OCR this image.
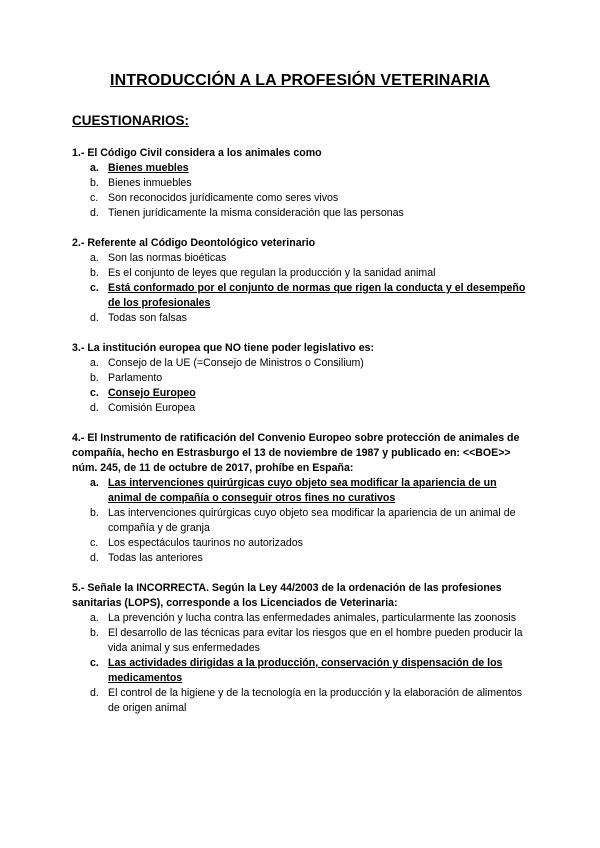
INTRODUCCIÓN A LA PROFESIÓN VETERINARIA
CUESTIONARIOS:
1.- El Código Civil considera a los animales como
a. Bienes muebles
b. Bienes inmuebles
c. Son reconocidos jurídicamente como seres vivos
d. Tienen jurídicamente la misma consideración que las personas
2.- Referente al Código Deontológico veterinario
a. Son las normas bioéticas
b. Es el conjunto de leyes que regulan la producción y la sanidad animal
c. Está conformado por el conjunto de normas que rigen la conducta y el desempeño de los profesionales
d. Todas son falsas
3.- La institución europea que NO tiene poder legislativo es:
a. Consejo de la UE (=Consejo de Ministros o Consilium)
b. Parlamento
c. Consejo Europeo
d. Comisión Europea
4.- El Instrumento de ratificación del Convenio Europeo sobre protección de animales de compañía, hecho en Estrasburgo el 13 de noviembre de 1987 y publicado en: <<BOE>> núm. 245, de 11 de octubre de 2017, prohíbe en España:
a. Las intervenciones quirúrgicas cuyo objeto sea modificar la apariencia de un animal de compañía o conseguir otros fines no curativos
b. Las intervenciones quirúrgicas cuyo objeto sea modificar la apariencia de un animal de compañía y de granja
c. Los espectáculos taurinos no autorizados
d. Todas las anteriores
5.- Señale la INCORRECTA. Según la Ley 44/2003 de la ordenación de las profesiones sanitarias (LOPS), corresponde a los Licenciados de Veterinaria:
a. La prevención y lucha contra las enfermedades animales, particularmente las zoonosis
b. El desarrollo de las técnicas para evitar los riesgos que en el hombre pueden producir la vida animal y sus enfermedades
c. Las actividades dirigidas a la producción, conservación y dispensación de los medicamentos
d. El control de la higiene y de la tecnología en la producción y la elaboración de alimentos de origen animal
